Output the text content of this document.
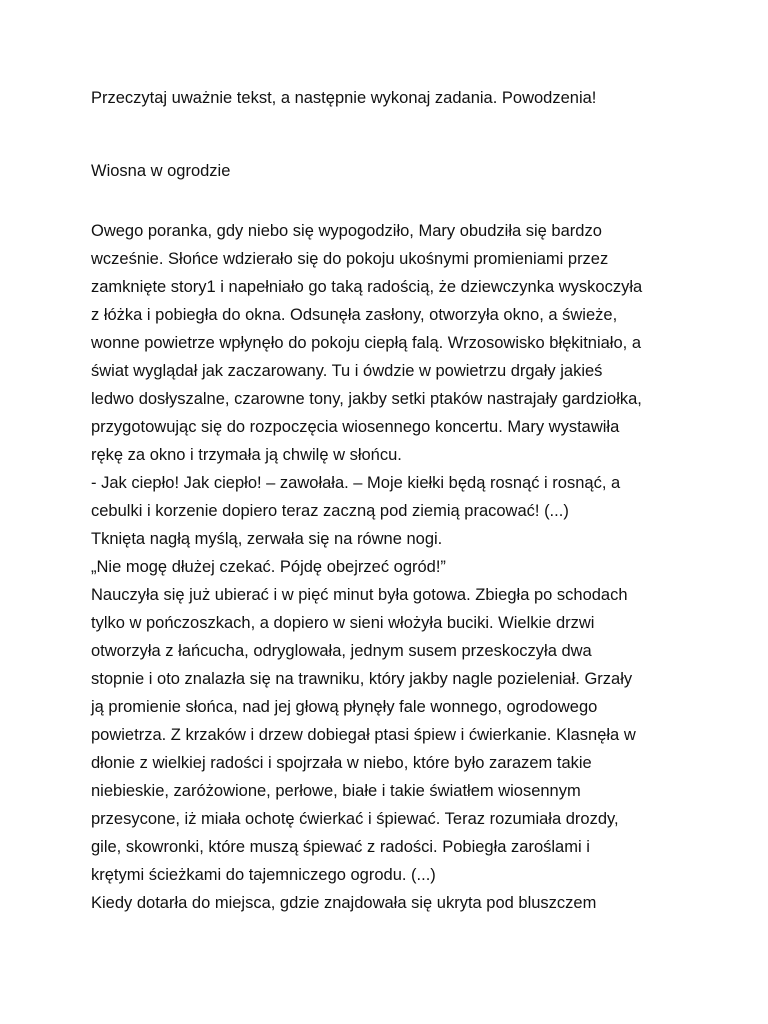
Przeczytaj uważnie tekst, a następnie wykonaj zadania. Powodzenia!
Wiosna w ogrodzie
Owego poranka, gdy niebo się wypogodziło, Mary obudziła się bardzo
wcześnie. Słońce wdzierało się do pokoju ukośnymi promieniami przez
zamknięte story1 i napełniało go taką radością, że dziewczynka wyskoczyła
z łóżka i pobiegła do okna. Odsunęła zasłony, otworzyła okno, a świeże,
wonne powietrze wpłynęło do pokoju ciepłą falą. Wrzosowisko błękitniało, a
świat wyglądał jak zaczarowany. Tu i ówdzie w powietrzu drgały jakieś
ledwo dosłyszalne, czarowne tony, jakby setki ptaków nastrajały gardziołka,
przygotowując się do rozpoczęcia wiosennego koncertu. Mary wystawiła
rękę za okno i trzymała ją chwilę w słońcu.
- Jak ciepło! Jak ciepło! – zawołała. – Moje kiełki będą rosnąć i rosnąć, a
cebulki i korzenie dopiero teraz zaczną pod ziemią pracować! (...)
Tknięta nagłą myślą, zerwała się na równe nogi.
„Nie mogę dłużej czekać. Pójdę obejrzeć ogród!”
Nauczyła się już ubierać i w pięć minut była gotowa. Zbiegła po schodach
tylko w pończoszkach, a dopiero w sieni włożyła buciki. Wielkie drzwi
otworzyła z łańcucha, odryglowała, jednym susem przeskoczyła dwa
stopnie i oto znalazła się na trawniku, który jakby nagle pozieleniał. Grzały
ją promienie słońca, nad jej głową płynęły fale wonnego, ogrodowego
powietrza. Z krzaków i drzew dobiegał ptasi śpiew i ćwierkanie. Klasnęła w
dłonie z wielkiej radości i spojrzała w niebo, które było zarazem takie
niebieskie, zaróżowione, perłowe, białe i takie światłem wiosennym
przesycone, iż miała ochotę ćwierkać i śpiewać. Teraz rozumiała drozdy,
gile, skowronki, które muszą śpiewać z radości. Pobiegła zaroślami i
krętymi ścieżkami do tajemniczego ogrodu. (...)
Kiedy dotarła do miejsca, gdzie znajdowała się ukryta pod bluszczem
